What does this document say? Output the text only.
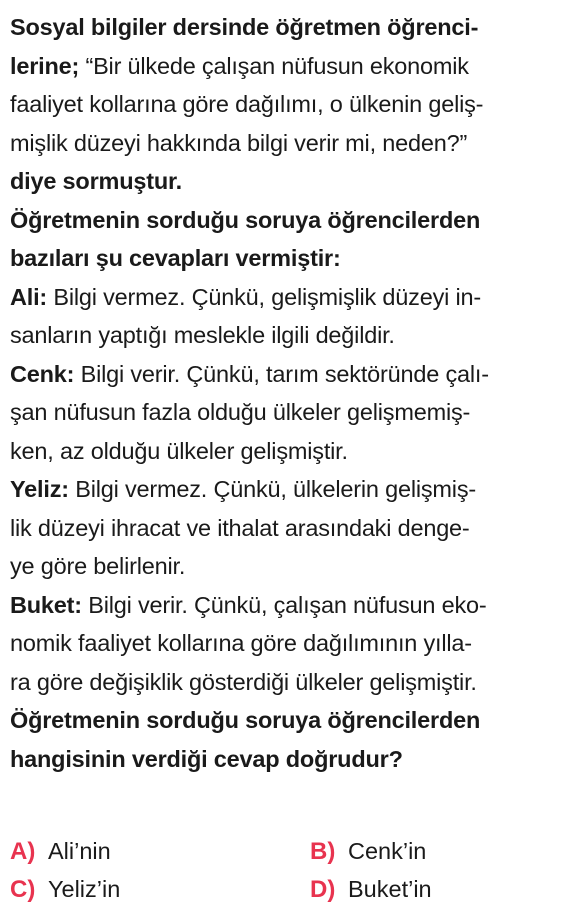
Sosyal bilgiler dersinde öğretmen öğrenci-
lerine; “Bir ülkede çalışan nüfusun ekonomik
faaliyet kollarına göre dağılımı, o ülkenin geliş-
mişlik düzeyi hakkında bilgi verir mi, neden?”
diye sormuştur.
Öğretmenin sorduğu soruya öğrencilerden
bazıları şu cevapları vermiştir:
Ali: Bilgi vermez. Çünkü, gelişmişlik düzeyi in-
sanların yaptığı meslekle ilgili değildir.
Cenk: Bilgi verir. Çünkü, tarım sektöründe çalı-
şan nüfusun fazla olduğu ülkeler gelişmemiş-
ken, az olduğu ülkeler gelişmiştir.
Yeliz: Bilgi vermez. Çünkü, ülkelerin gelişmiş-
lik düzeyi ihracat ve ithalat arasındaki denge-
ye göre belirlenir.
Buket: Bilgi verir. Çünkü, çalışan nüfusun eko-
nomik faaliyet kollarına göre dağılımının yılla-
ra göre değişiklik gösterdiği ülkeler gelişmiştir.
Öğretmenin sorduğu soruya öğrencilerden
hangisinin verdiği cevap doğrudur?
A) Ali’nin	B) Cenk’in
C) Yeliz’in	D) Buket’in
